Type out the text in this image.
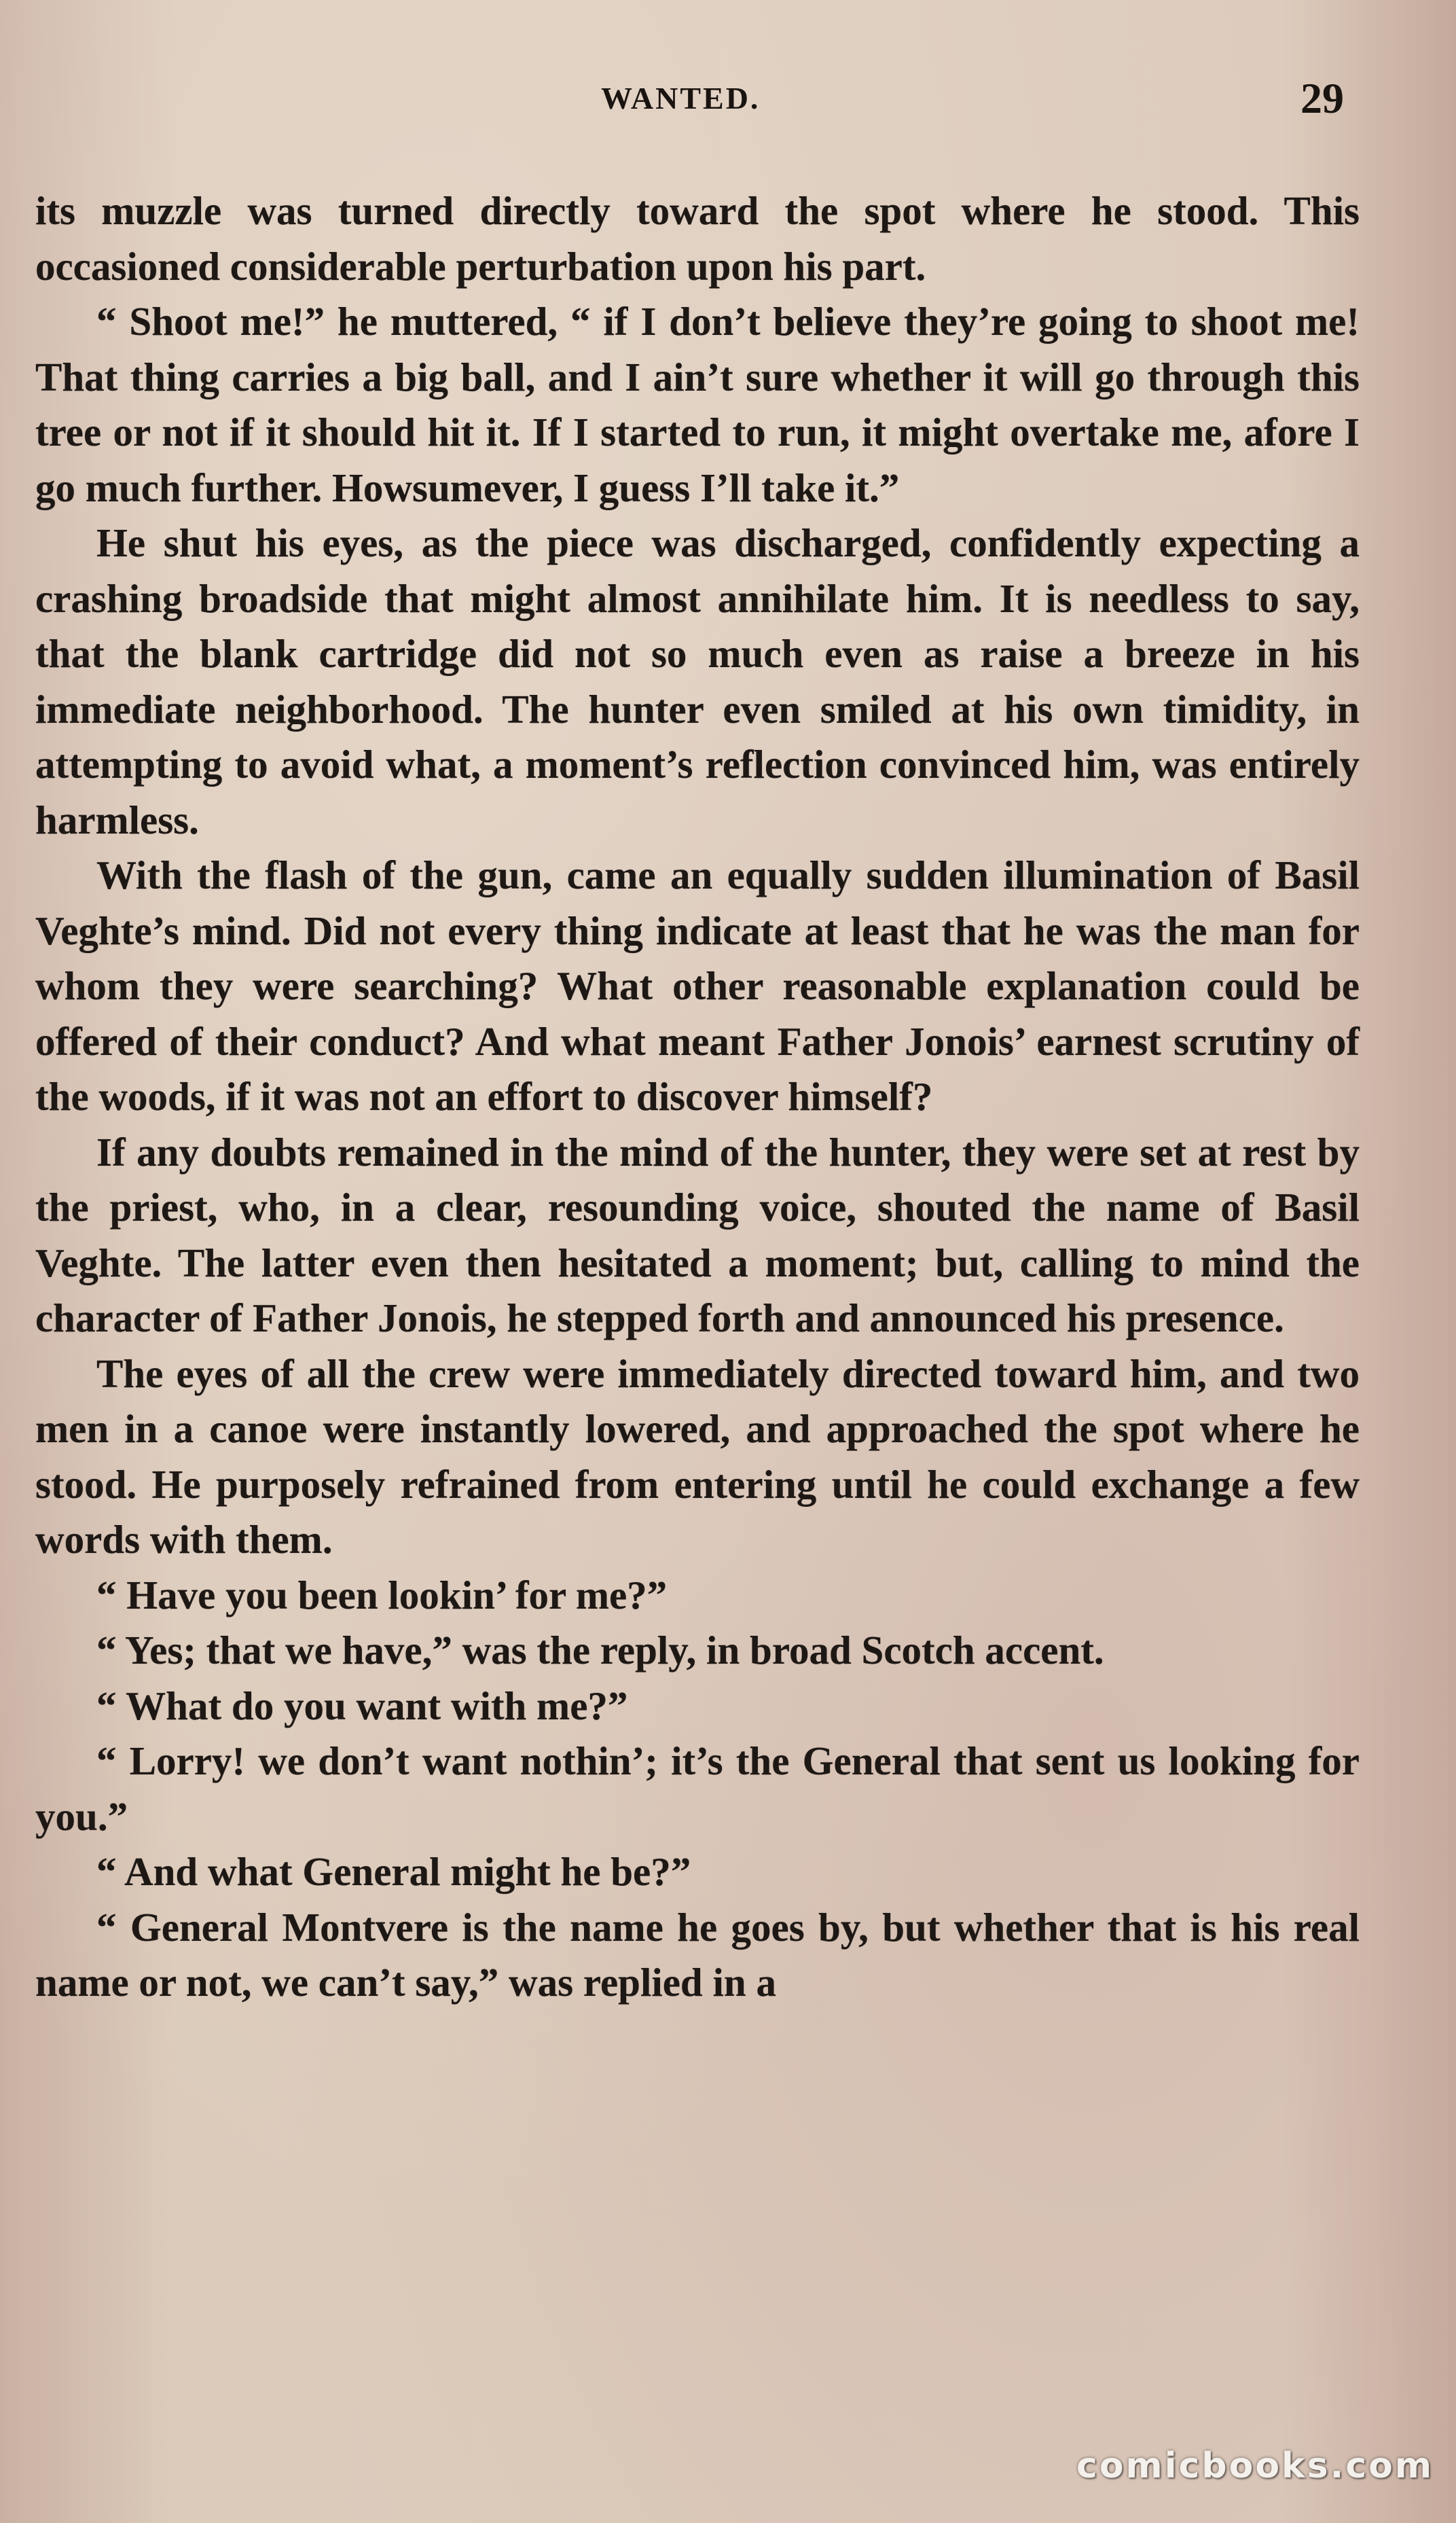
WANTED.	29

its muzzle was turned directly toward the spot where he stood. This occasioned considerable perturbation upon his part.

“ Shoot me!” he muttered, “ if I don’t believe they’re going to shoot me! That thing carries a big ball, and I ain’t sure whether it will go through this tree or not if it should hit it. If I started to run, it might overtake me, afore I go much further. Howsumever, I guess I’ll take it.”

He shut his eyes, as the piece was discharged, confidently expecting a crashing broadside that might almost annihilate him. It is needless to say, that the blank cartridge did not so much even as raise a breeze in his immediate neighborhood. The hunter even smiled at his own timidity, in attempting to avoid what, a moment’s reflection convinced him, was entirely harmless.

With the flash of the gun, came an equally sudden illumination of Basil Veghte’s mind. Did not every thing indicate at least that he was the man for whom they were searching? What other reasonable explanation could be offered of their conduct? And what meant Father Jonois’ earnest scrutiny of the woods, if it was not an effort to discover himself?

If any doubts remained in the mind of the hunter, they were set at rest by the priest, who, in a clear, resounding voice, shouted the name of Basil Veghte. The latter even then hesitated a moment; but, calling to mind the character of Father Jonois, he stepped forth and announced his presence.

The eyes of all the crew were immediately directed toward him, and two men in a canoe were instantly lowered, and approached the spot where he stood. He purposely refrained from entering until he could exchange a few words with them.

“ Have you been lookin’ for me?”

“ Yes; that we have,” was the reply, in broad Scotch accent.

“ What do you want with me?”

“ Lorry! we don’t want nothin’; it’s the General that sent us looking for you.”

“ And what General might he be?”

“ General Montvere is the name he goes by, but whether that is his real name or not, we can’t say,” was replied in a

comicbooks.com
